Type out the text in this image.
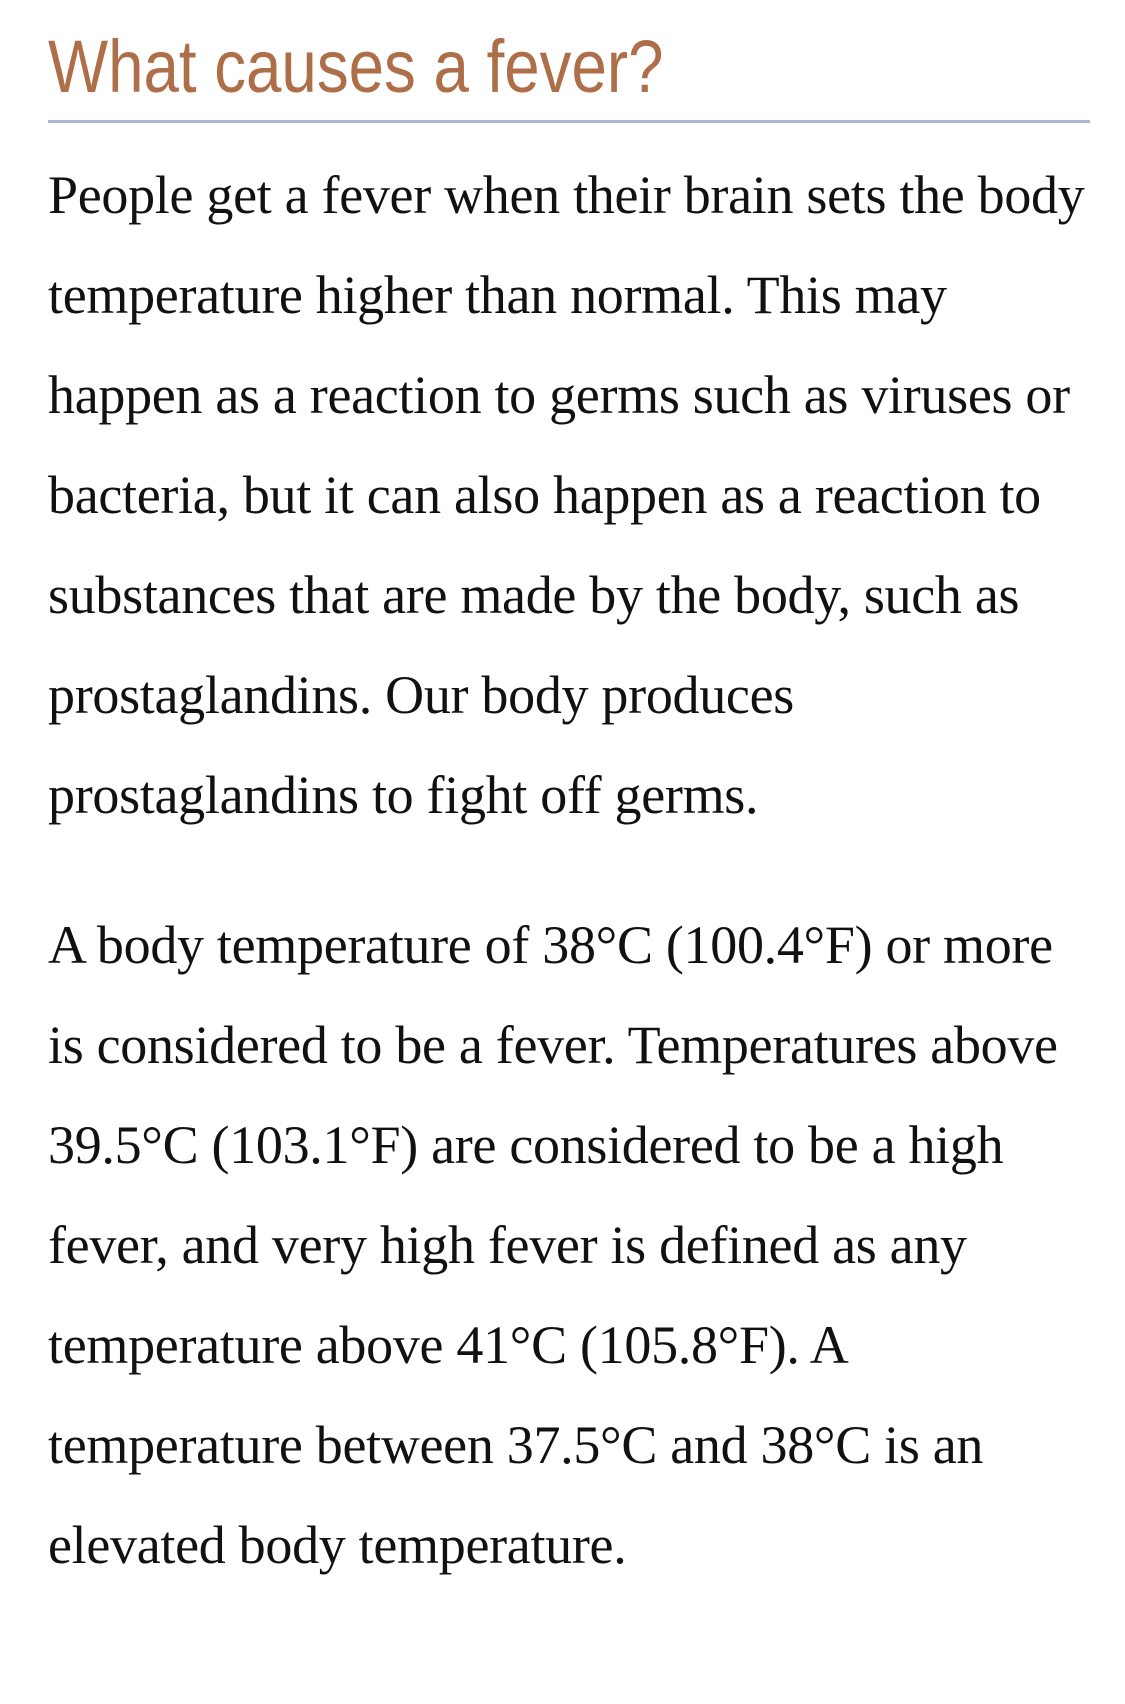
What causes a fever?

People get a fever when their brain sets the body temperature higher than normal. This may happen as a reaction to germs such as viruses or bacteria, but it can also happen as a reaction to substances that are made by the body, such as prostaglandins. Our body produces prostaglandins to fight off germs.

A body temperature of 38°C (100.4°F) or more is considered to be a fever. Temperatures above 39.5°C (103.1°F) are considered to be a high fever, and very high fever is defined as any temperature above 41°C (105.8°F). A temperature between 37.5°C and 38°C is an elevated body temperature.
